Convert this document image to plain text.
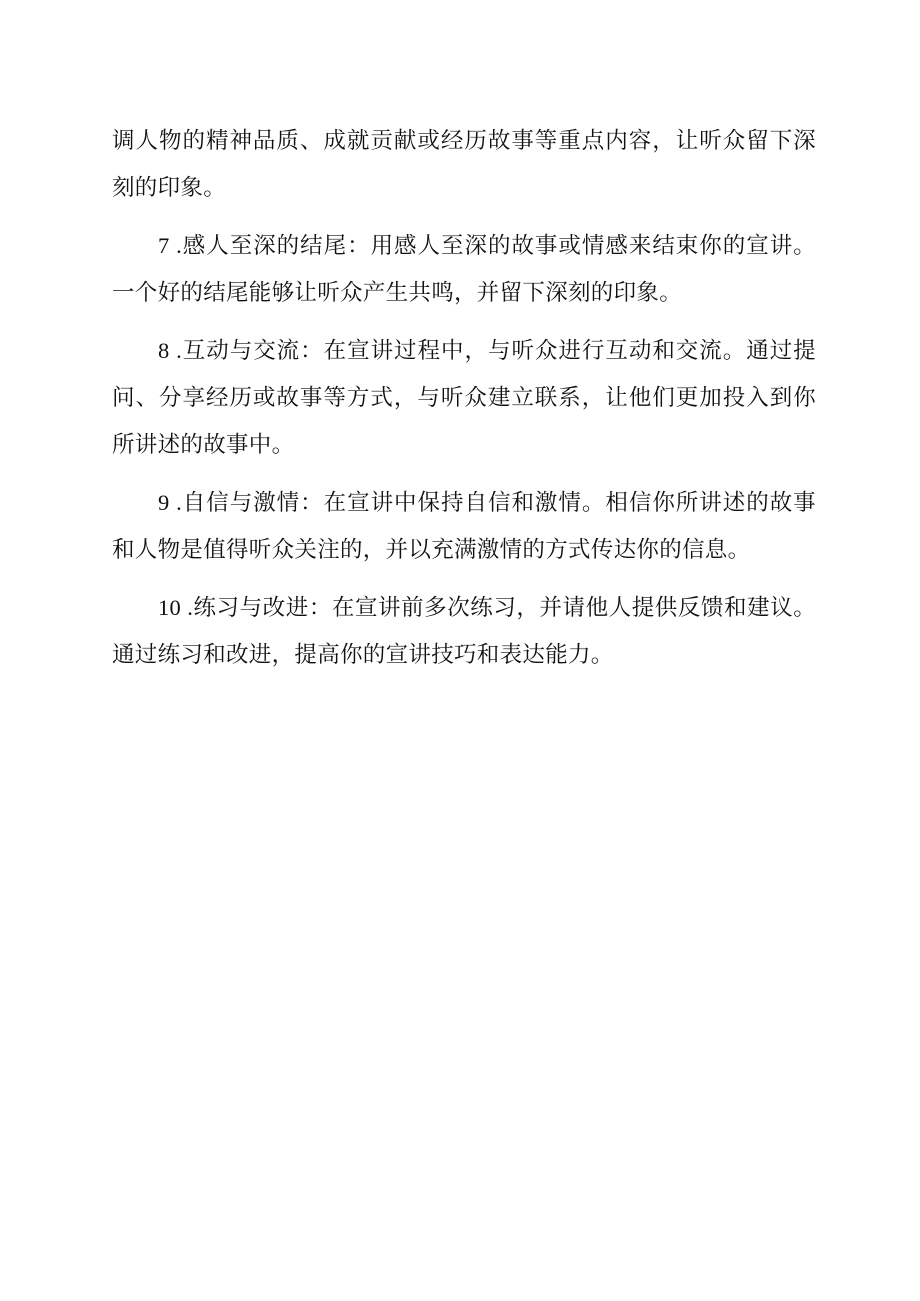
调人物的精神品质、成就贡献或经历故事等重点内容，让听众留下深刻的印象。

7 .感人至深的结尾：用感人至深的故事或情感来结束你的宣讲。一个好的结尾能够让听众产生共鸣，并留下深刻的印象。

8 .互动与交流：在宣讲过程中，与听众进行互动和交流。通过提问、分享经历或故事等方式，与听众建立联系，让他们更加投入到你所讲述的故事中。

9 .自信与激情：在宣讲中保持自信和激情。相信你所讲述的故事和人物是值得听众关注的，并以充满激情的方式传达你的信息。

10 .练习与改进：在宣讲前多次练习，并请他人提供反馈和建议。通过练习和改进，提高你的宣讲技巧和表达能力。
